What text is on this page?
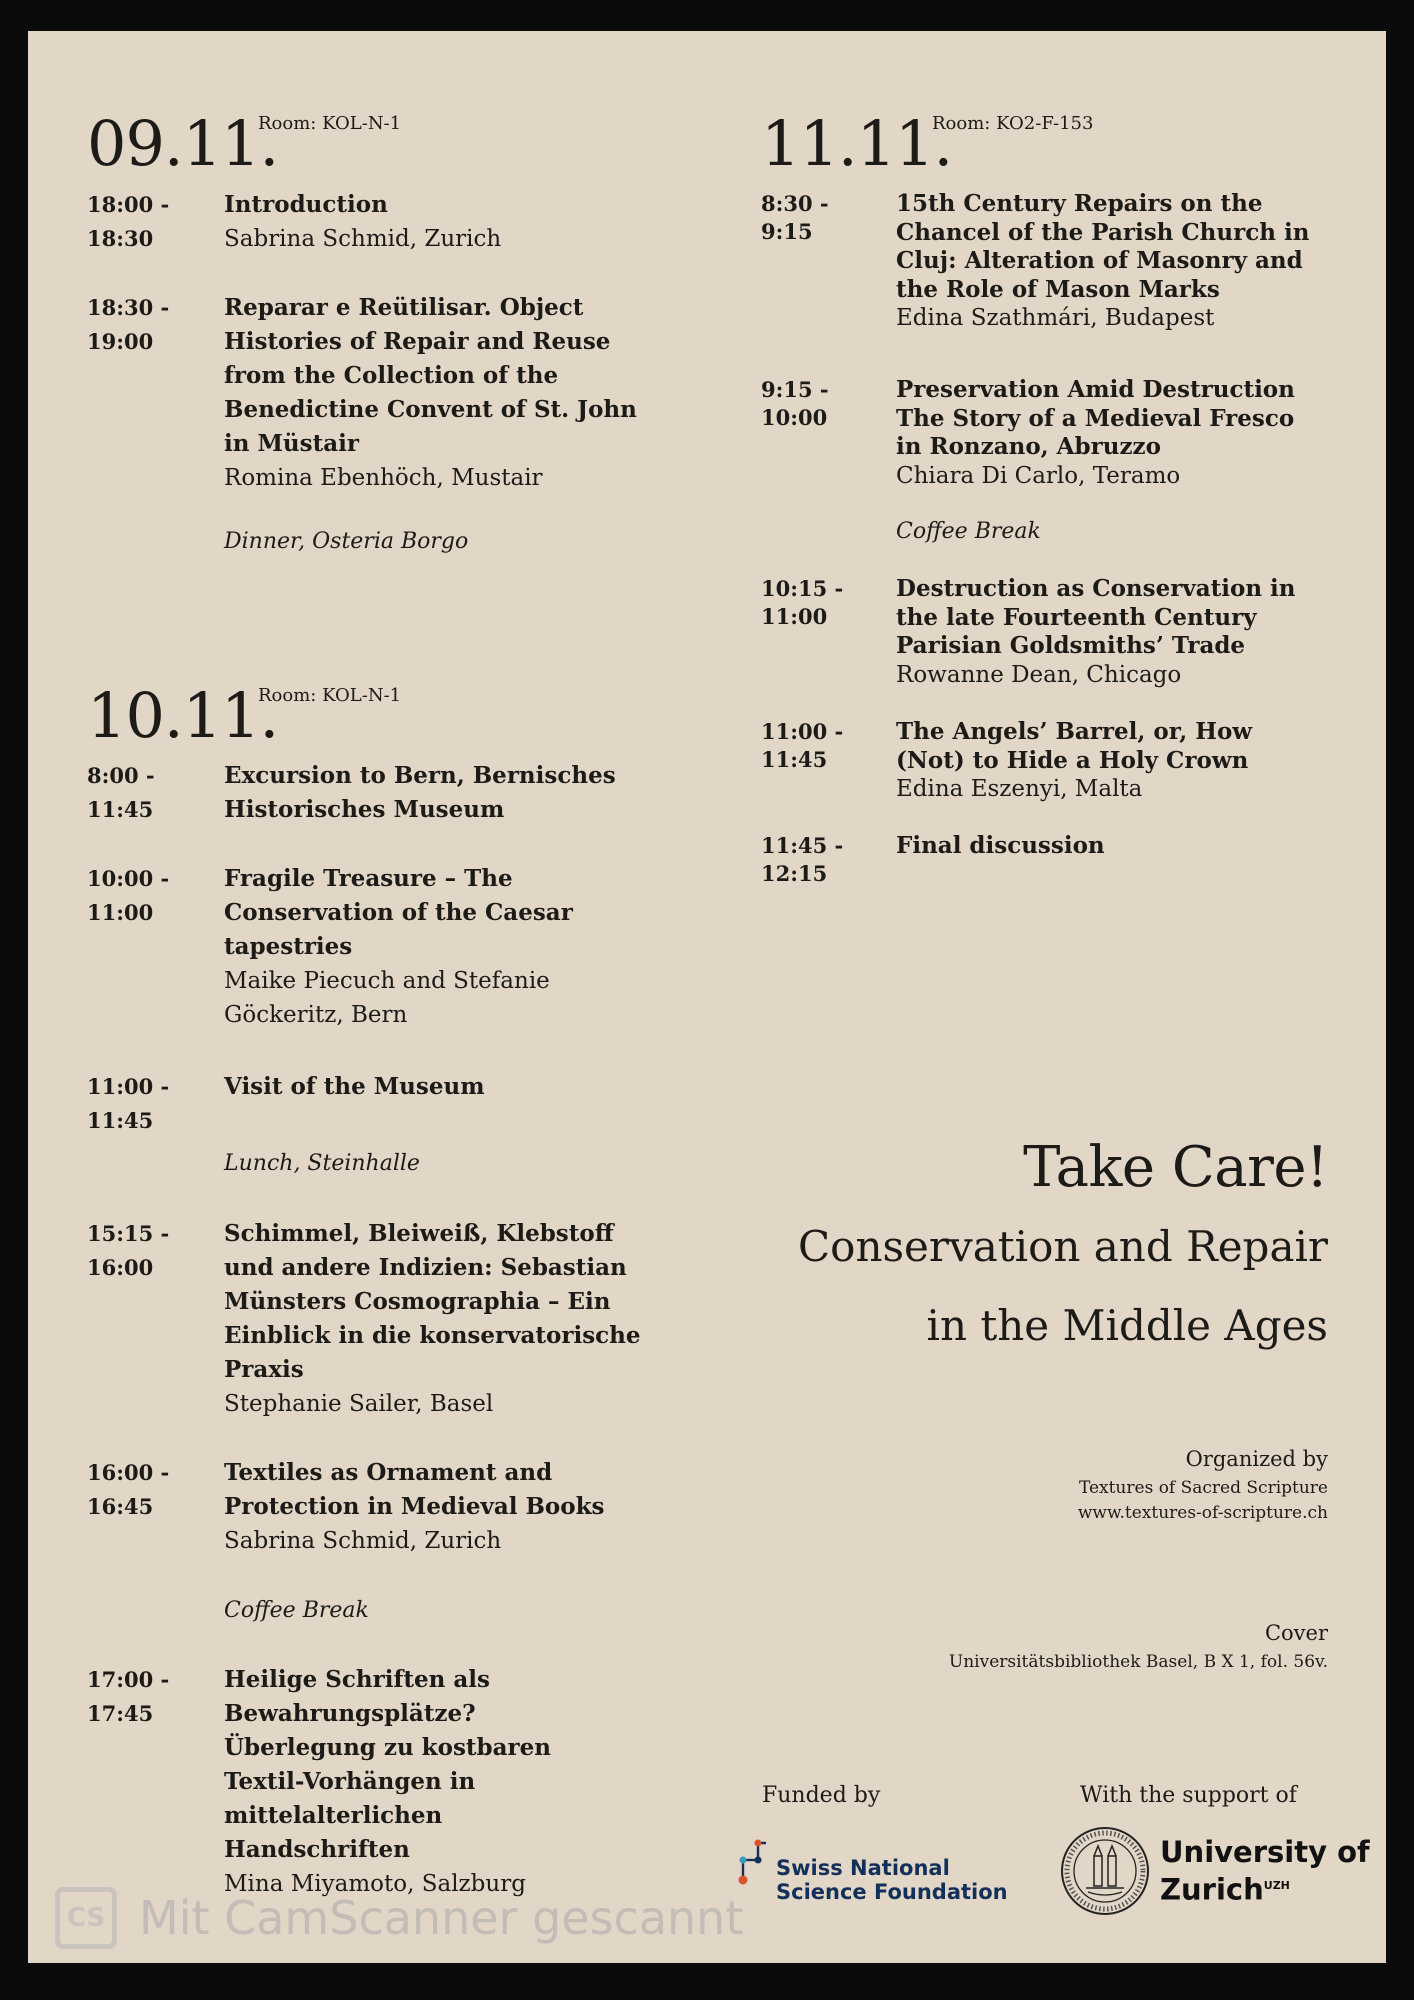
09.11.
Room: KOL-N-1
18:00 -
18:30
Introduction
Sabrina Schmid, Zurich
18:30 -
19:00
Reparar e Reütilisar. Object Histories of Repair and Reuse from the Collection of the Benedictine Convent of St. John in Müstair
Romina Ebenhöch, Mustair
Dinner, Osteria Borgo
10.11.
Room: KOL-N-1
8:00 -
11:45
Excursion to Bern, Bernisches Historisches Museum
10:00 -
11:00
Fragile Treasure – The Conservation of the Caesar tapestries
Maike Piecuch and Stefanie Göckeritz, Bern
11:00 -
11:45
Visit of the Museum
Lunch, Steinhalle
15:15 -
16:00
Schimmel, Bleiweiß, Klebstoff und andere Indizien: Sebastian Münsters Cosmographia – Ein Einblick in die konservatorische Praxis
Stephanie Sailer, Basel
16:00 -
16:45
Textiles as Ornament and Protection in Medieval Books
Sabrina Schmid, Zurich
Coffee Break
17:00 -
17:45
Heilige Schriften als Bewahrungsplätze? Überlegung zu kostbaren Textil-Vorhängen in mittelalterlichen Handschriften
Mina Miyamoto, Salzburg
11.11.
Room: KO2-F-153
8:30 -
9:15
15th Century Repairs on the Chancel of the Parish Church in Cluj: Alteration of Masonry and the Role of Mason Marks
Edina Szathmári, Budapest
9:15 -
10:00
Preservation Amid Destruction The Story of a Medieval Fresco in Ronzano, Abruzzo
Chiara Di Carlo, Teramo
Coffee Break
10:15 -
11:00
Destruction as Conservation in the late Fourteenth Century Parisian Goldsmiths’ Trade
Rowanne Dean, Chicago
11:00 -
11:45
The Angels’ Barrel, or, How (Not) to Hide a Holy Crown
Edina Eszenyi, Malta
11:45 -
12:15
Final discussion
Take Care!
Conservation and Repair
in the Middle Ages
Organized by
Textures of Sacred Scripture
www.textures-of-scripture.ch
Cover
Universitätsbibliothek Basel, B X 1, fol. 56v.
Funded by	With the support of
Swiss National
Science Foundation
University of
Zurich$^{UZH}$
CS Mit CamScanner gescannt
